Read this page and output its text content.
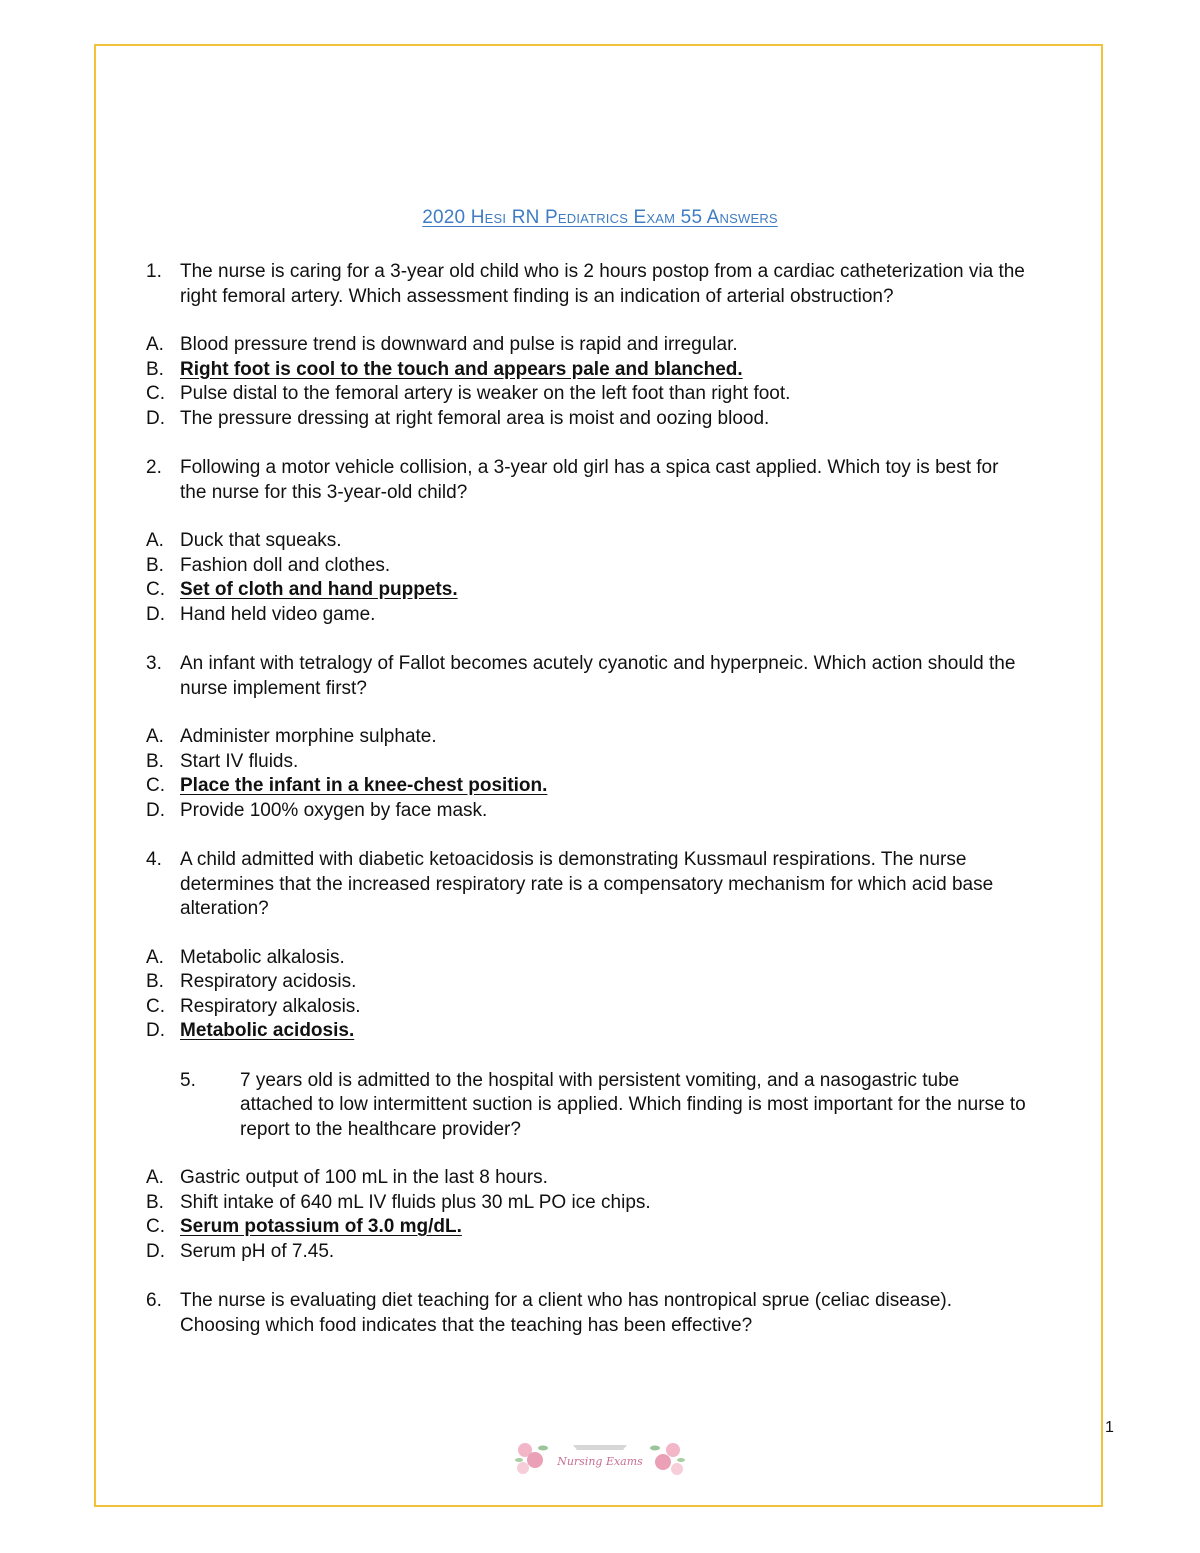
2020 Hesi RN Pediatrics Exam 55 Answers
1. The nurse is caring for a 3-year old child who is 2 hours postop from a cardiac catheterization via the right femoral artery. Which assessment finding is an indication of arterial obstruction?
A. Blood pressure trend is downward and pulse is rapid and irregular.
B. Right foot is cool to the touch and appears pale and blanched.
C. Pulse distal to the femoral artery is weaker on the left foot than right foot.
D. The pressure dressing at right femoral area is moist and oozing blood.
2. Following a motor vehicle collision, a 3-year old girl has a spica cast applied. Which toy is best for the nurse for this 3-year-old child?
A. Duck that squeaks.
B. Fashion doll and clothes.
C. Set of cloth and hand puppets.
D. Hand held video game.
3. An infant with tetralogy of Fallot becomes acutely cyanotic and hyperpneic. Which action should the nurse implement first?
A. Administer morphine sulphate.
B. Start IV fluids.
C. Place the infant in a knee-chest position.
D. Provide 100% oxygen by face mask.
4. A child admitted with diabetic ketoacidosis is demonstrating Kussmaul respirations. The nurse determines that the increased respiratory rate is a compensatory mechanism for which acid base alteration?
A. Metabolic alkalosis.
B. Respiratory acidosis.
C. Respiratory alkalosis.
D. Metabolic acidosis.
5.	7 years old is admitted to the hospital with persistent vomiting, and a nasogastric tube attached to low intermittent suction is applied. Which finding is most important for the nurse to report to the healthcare provider?
A. Gastric output of 100 mL in the last 8 hours.
B. Shift intake of 640 mL IV fluids plus 30 mL PO ice chips.
C. Serum potassium of 3.0 mg/dL.
D. Serum pH of 7.45.
6. The nurse is evaluating diet teaching for a client who has nontropical sprue (celiac disease). Choosing which food indicates that the teaching has been effective?
1
Nursing Exams
